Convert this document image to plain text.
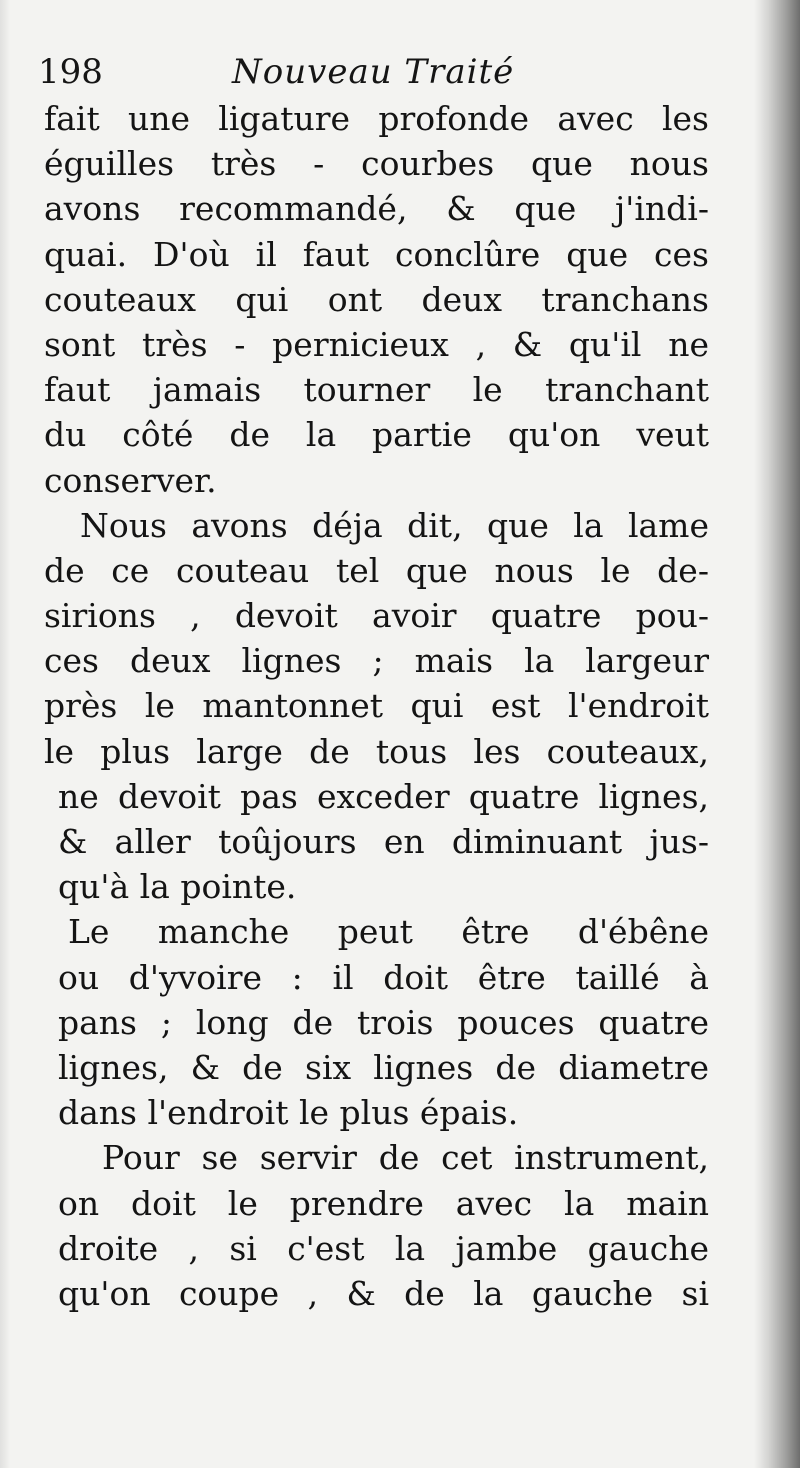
198	Nouveau Traité
fait une ligature profonde avec les
éguilles très - courbes que nous
avons recommandé, & que j'indi-
quai. D'où il faut conclûre que ces
couteaux qui ont deux tranchans
sont très - pernicieux , & qu'il ne
faut jamais tourner le tranchant
du côté de la partie qu'on veut
conserver.
Nous avons déja dit, que la lame
de ce couteau tel que nous le de-
sirions , devoit avoir quatre pou-
ces deux lignes ; mais la largeur
près le mantonnet qui est l'endroit
le plus large de tous les couteaux,
ne devoit pas exceder quatre lignes,
& aller toûjours en diminuant jus-
qu'à la pointe.
Le manche peut être d'ébêne
ou d'yvoire : il doit être taillé à
pans ; long de trois pouces quatre
lignes, & de six lignes de diametre
dans l'endroit le plus épais.
Pour se servir de cet instrument,
on doit le prendre avec la main
droite , si c'est la jambe gauche
qu'on coupe , & de la gauche si
